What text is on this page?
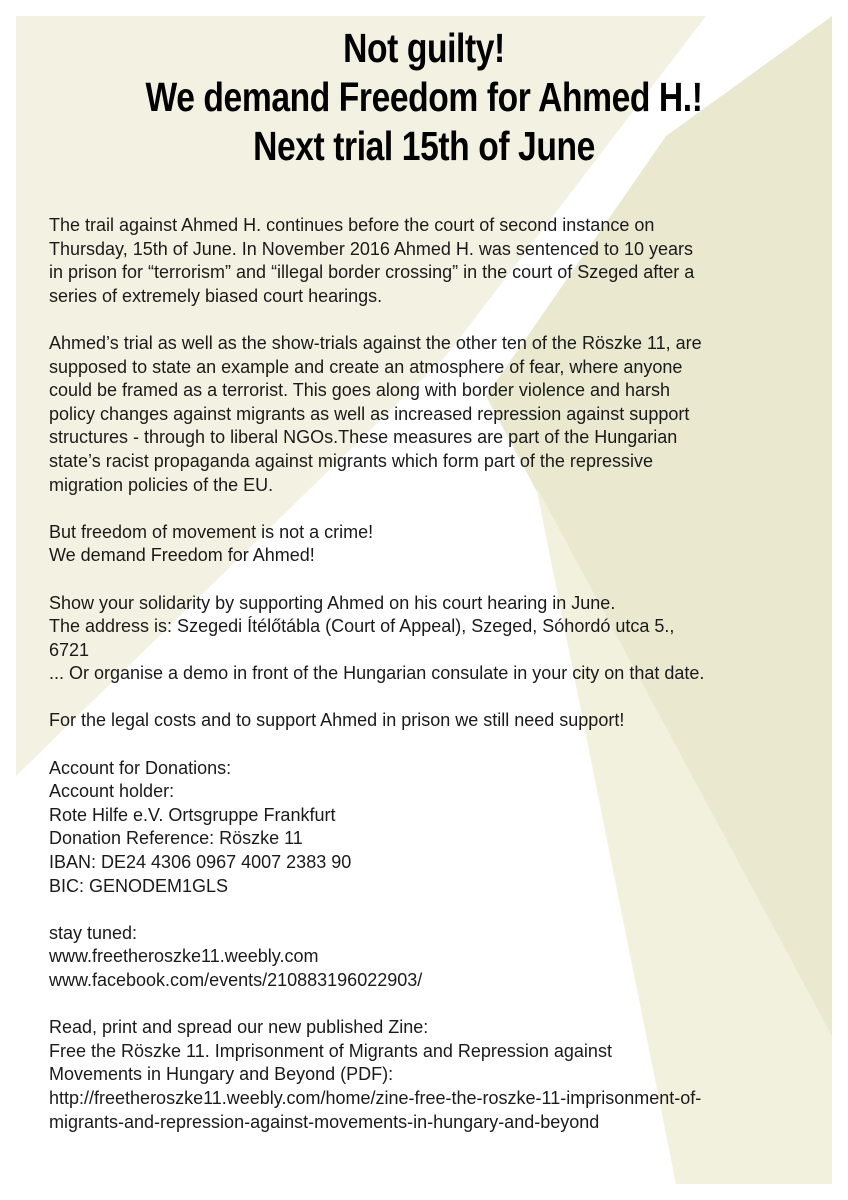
Not guilty!
We demand Freedom for Ahmed H.!
Next trial 15th of June

The trail against Ahmed H. continues before the court of second instance on
Thursday, 15th of June. In November 2016 Ahmed H. was sentenced to 10 years
in prison for “terrorism” and “illegal border crossing” in the court of Szeged after a
series of extremely biased court hearings.

Ahmed’s trial as well as the show-trials against the other ten of the Röszke 11, are
supposed to state an example and create an atmosphere of fear, where anyone
could be framed as a terrorist. This goes along with border violence and harsh
policy changes against migrants as well as increased repression against support
structures - through to liberal NGOs.These measures are part of the Hungarian
state’s racist propaganda against migrants which form part of the repressive
migration policies of the EU.

But freedom of movement is not a crime!
We demand Freedom for Ahmed!

Show your solidarity by supporting Ahmed on his court hearing in June.
The address is: Szegedi Ítélőtábla (Court of Appeal), Szeged, Sóhordó utca 5.,
6721
... Or organise a demo in front of the Hungarian consulate in your city on that date.

For the legal costs and to support Ahmed in prison we still need support!

Account for Donations:
Account holder:
Rote Hilfe e.V. Ortsgruppe Frankfurt
Donation Reference: Röszke 11
IBAN: DE24 4306 0967 4007 2383 90
BIC: GENODEM1GLS

stay tuned:
www.freetheroszke11.weebly.com
www.facebook.com/events/210883196022903/

Read, print and spread our new published Zine:
Free the Röszke 11. Imprisonment of Migrants and Repression against
Movements in Hungary and Beyond (PDF):
http://freetheroszke11.weebly.com/home/zine-free-the-roszke-11-imprisonment-of-
migrants-and-repression-against-movements-in-hungary-and-beyond
